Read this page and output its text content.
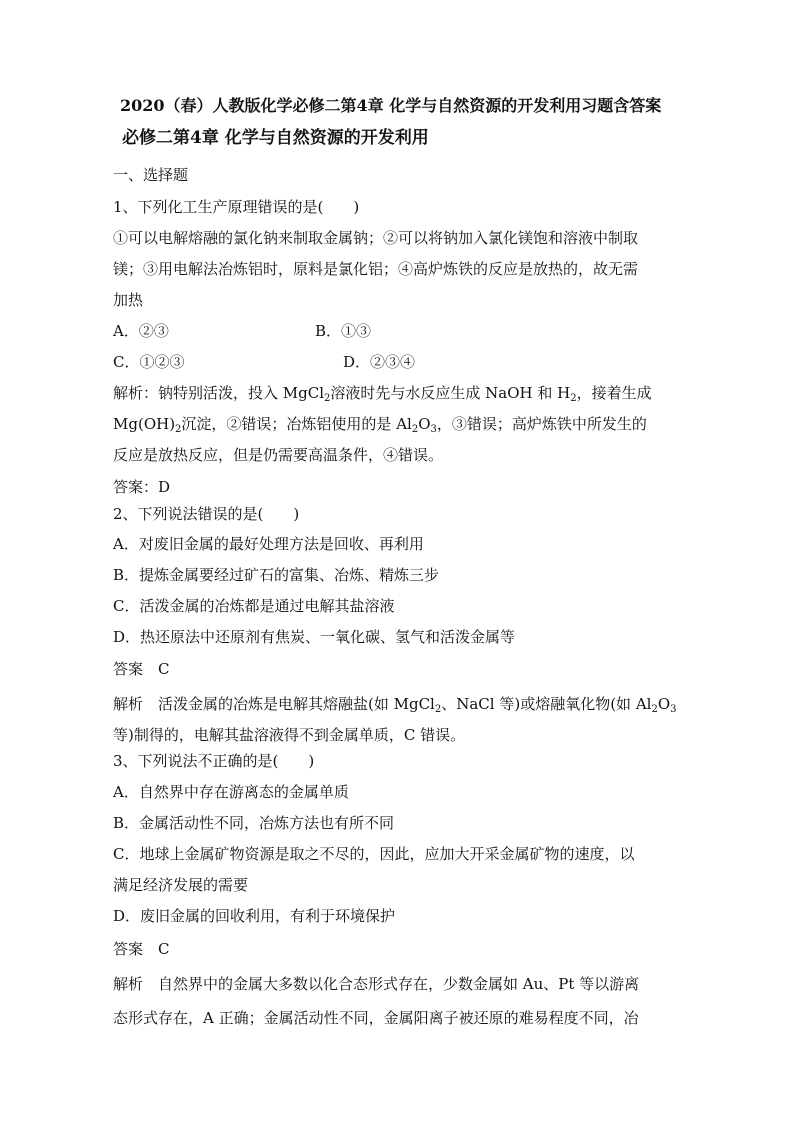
2020（春）人教版化学必修二第4章 化学与自然资源的开发利用习题含答案
必修二第4章 化学与自然资源的开发利用
一、选择题
1、下列化工生产原理错误的是(　　)
①可以电解熔融的氯化钠来制取金属钠；②可以将钠加入氯化镁饱和溶液中制取
镁；③用电解法冶炼铝时，原料是氯化铝；④高炉炼铁的反应是放热的，故无需
加热
A．②③	B．①③
C．①②③	D．②③④
解析：钠特别活泼，投入 MgCl$_2$溶液时先与水反应生成 NaOH 和 $H_2$，接着生成
$Mg(OH)_2$沉淀，②错误；冶炼铝使用的是 $Al_2O_3$，③错误；高炉炼铁中所发生的
反应是放热反应，但是仍需要高温条件，④错误。
答案：D
2、下列说法错误的是(　　)
A．对废旧金属的最好处理方法是回收、再利用
B．提炼金属要经过矿石的富集、冶炼、精炼三步
C．活泼金属的冶炼都是通过电解其盐溶液
D．热还原法中还原剂有焦炭、一氧化碳、氢气和活泼金属等
答案　C
解析　活泼金属的冶炼是电解其熔融盐(如 MgCl$_2$、NaCl 等)或熔融氧化物(如 $Al_2O_3$
等)制得的，电解其盐溶液得不到金属单质，C 错误。
3、下列说法不正确的是(　　)
A．自然界中存在游离态的金属单质
B．金属活动性不同，冶炼方法也有所不同
C．地球上金属矿物资源是取之不尽的，因此，应加大开采金属矿物的速度，以
满足经济发展的需要
D．废旧金属的回收利用，有利于环境保护
答案　C
解析　自然界中的金属大多数以化合态形式存在，少数金属如 Au、Pt 等以游离
态形式存在，A 正确；金属活动性不同，金属阳离子被还原的难易程度不同，冶
